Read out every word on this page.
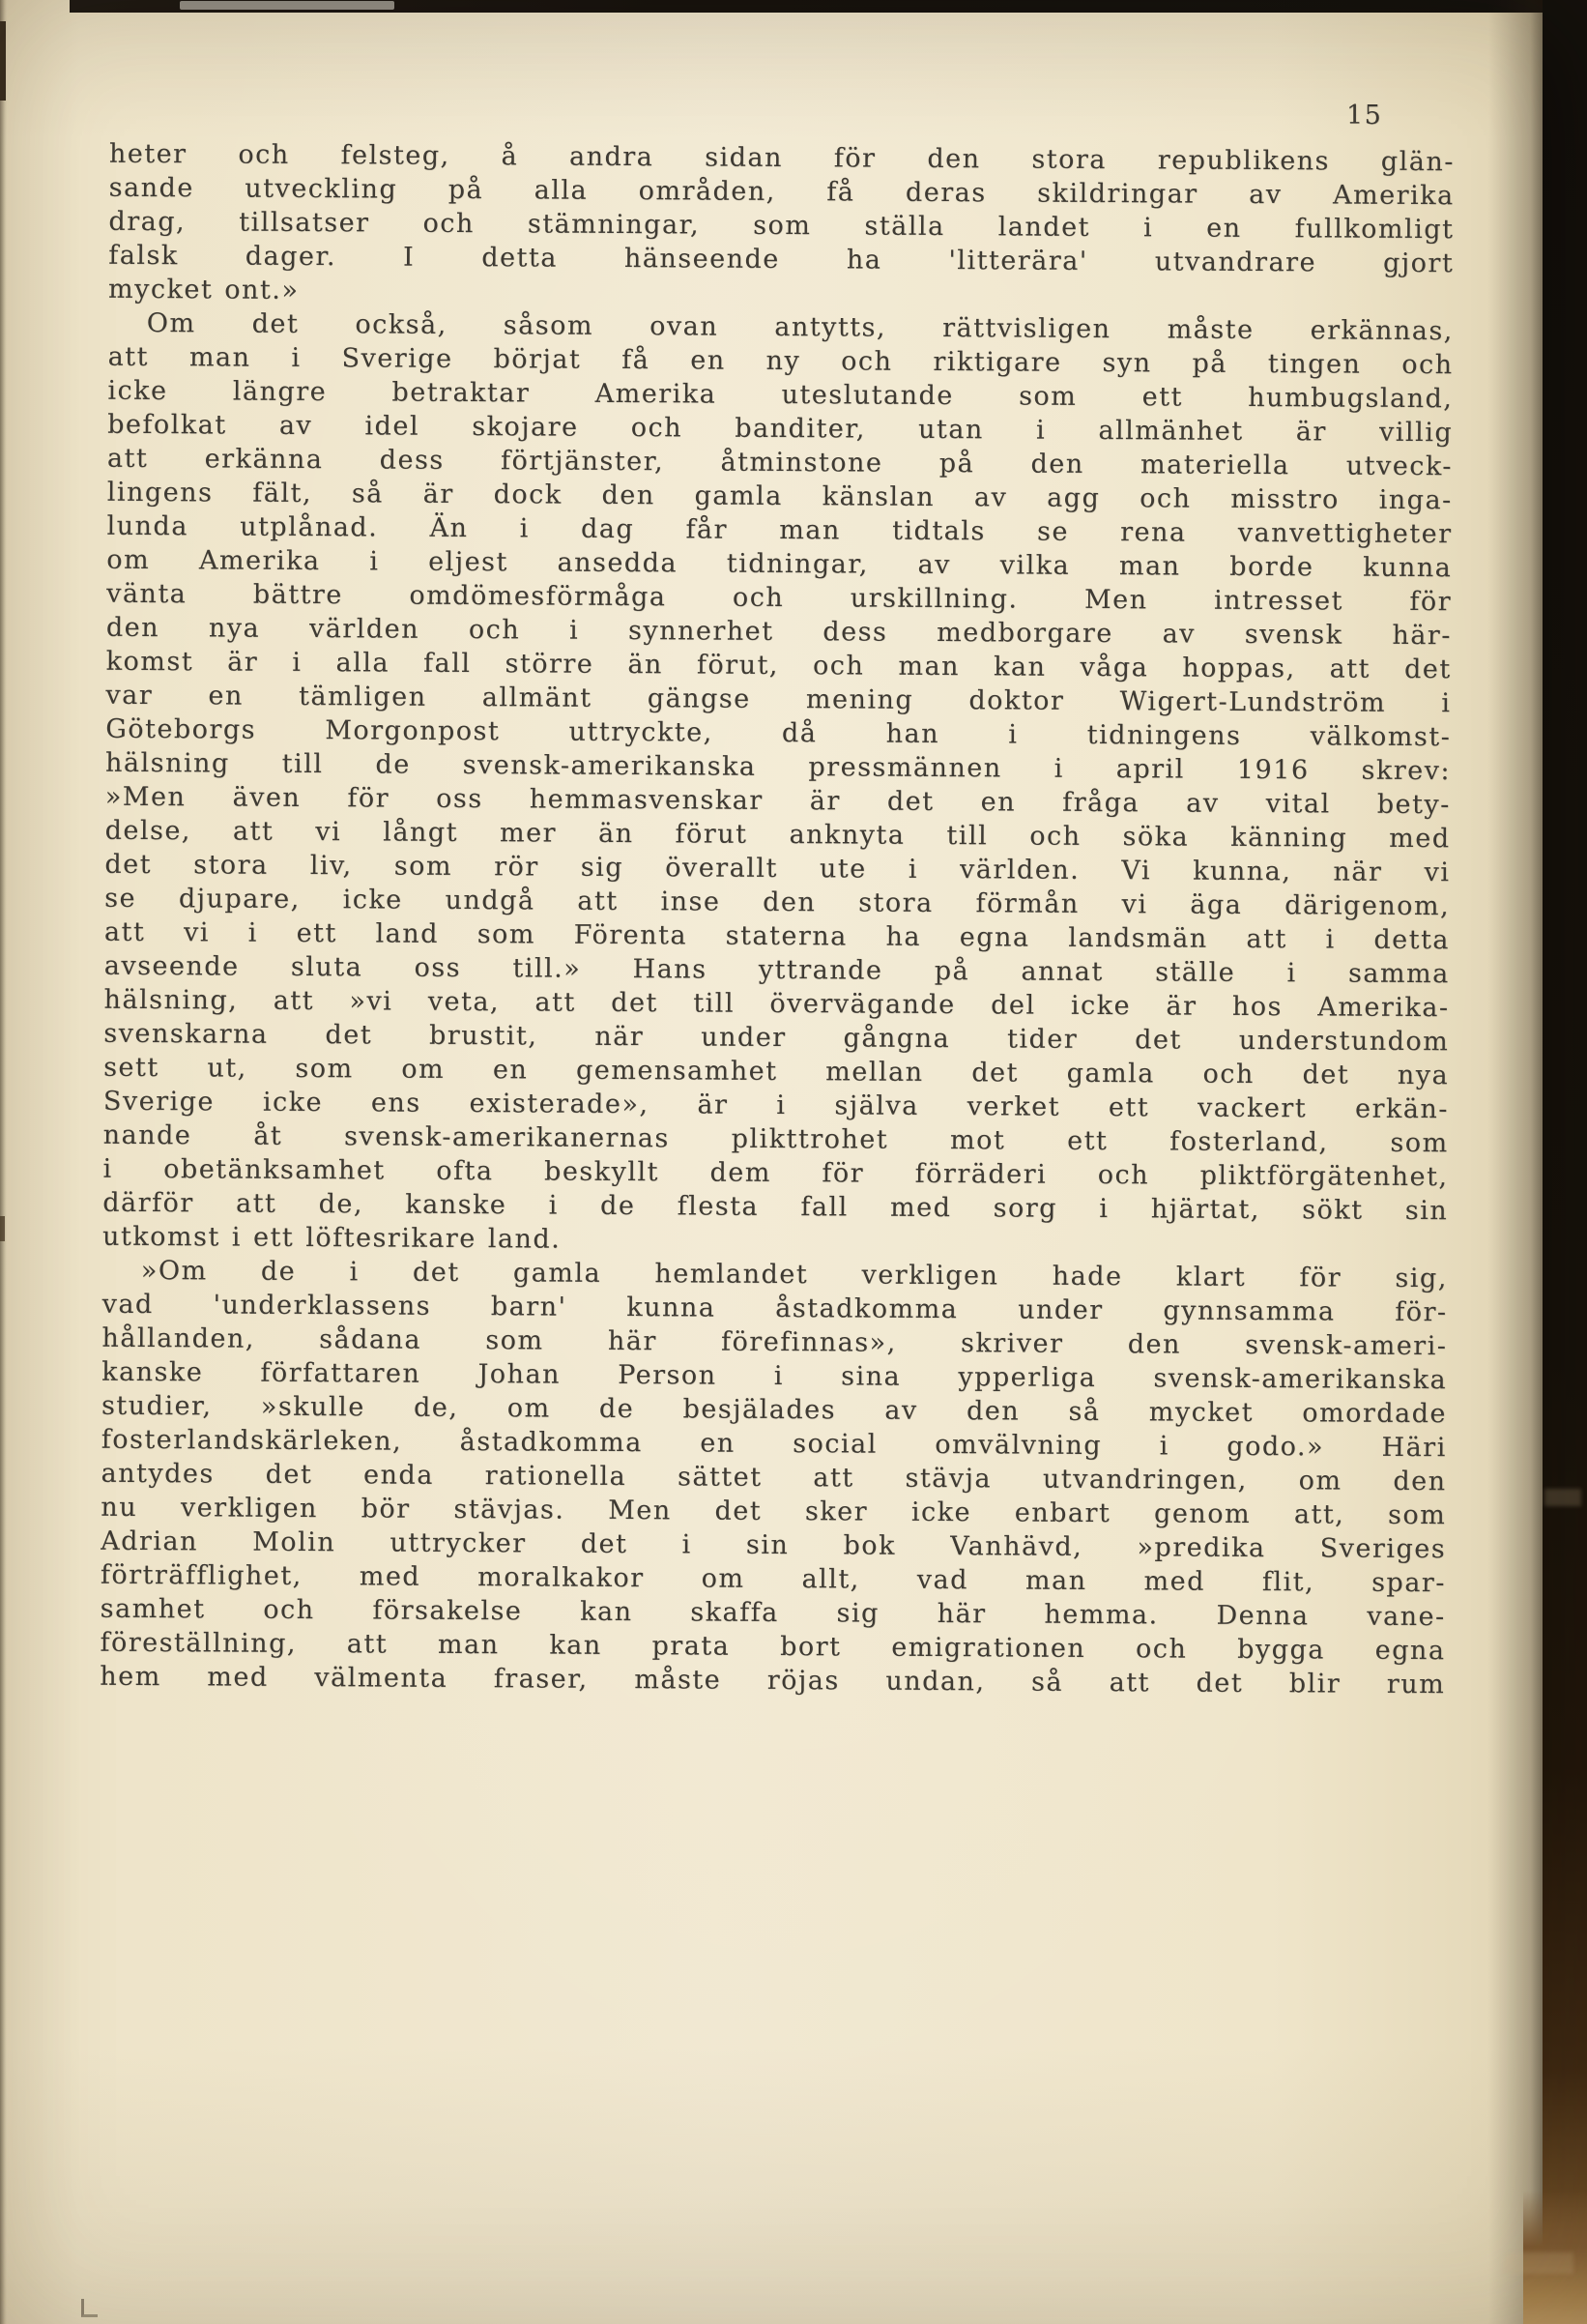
15
heter och felsteg, å andra sidan för den stora republikens glän-
sande utveckling på alla områden, få deras skildringar av Amerika
drag, tillsatser och stämningar, som ställa landet i en fullkomligt
falsk dager. I detta hänseende ha 'litterära' utvandrare gjort
mycket ont.»
Om det också, såsom ovan antytts, rättvisligen måste erkännas,
att man i Sverige börjat få en ny och riktigare syn på tingen och
icke längre betraktar Amerika uteslutande som ett humbugsland,
befolkat av idel skojare och banditer, utan i allmänhet är villig
att erkänna dess förtjänster, åtminstone på den materiella utveck-
lingens fält, så är dock den gamla känslan av agg och misstro inga-
lunda utplånad. Än i dag får man tidtals se rena vanvettigheter
om Amerika i eljest ansedda tidningar, av vilka man borde kunna
vänta bättre omdömesförmåga och urskillning. Men intresset för
den nya världen och i synnerhet dess medborgare av svensk här-
komst är i alla fall större än förut, och man kan våga hoppas, att det
var en tämligen allmänt gängse mening doktor Wigert-Lundström i
Göteborgs Morgonpost uttryckte, då han i tidningens välkomst-
hälsning till de svensk-amerikanska pressmännen i april 1916 skrev:
»Men även för oss hemmasvenskar är det en fråga av vital bety-
delse, att vi långt mer än förut anknyta till och söka känning med
det stora liv, som rör sig överallt ute i världen. Vi kunna, när vi
se djupare, icke undgå att inse den stora förmån vi äga därigenom,
att vi i ett land som Förenta staterna ha egna landsmän att i detta
avseende sluta oss till.» Hans yttrande på annat ställe i samma
hälsning, att »vi veta, att det till övervägande del icke är hos Amerika-
svenskarna det brustit, när under gångna tider det understundom
sett ut, som om en gemensamhet mellan det gamla och det nya
Sverige icke ens existerade», är i själva verket ett vackert erkän-
nande åt svensk-amerikanernas plikttrohet mot ett fosterland, som
i obetänksamhet ofta beskyllt dem för förräderi och pliktförgätenhet,
därför att de, kanske i de flesta fall med sorg i hjärtat, sökt sin
utkomst i ett löftesrikare land.
»Om de i det gamla hemlandet verkligen hade klart för sig,
vad 'underklassens barn' kunna åstadkomma under gynnsamma för-
hållanden, sådana som här förefinnas», skriver den svensk-ameri-
kanske författaren Johan Person i sina ypperliga svensk-amerikanska
studier, »skulle de, om de besjälades av den så mycket omordade
fosterlandskärleken, åstadkomma en social omvälvning i godo.» Häri
antydes det enda rationella sättet att stävja utvandringen, om den
nu verkligen bör stävjas. Men det sker icke enbart genom att, som
Adrian Molin uttrycker det i sin bok Vanhävd, »predika Sveriges
förträfflighet, med moralkakor om allt, vad man med flit, spar-
samhet och försakelse kan skaffa sig här hemma. Denna vane-
föreställning, att man kan prata bort emigrationen och bygga egna
hem med välmenta fraser, måste röjas undan, så att det blir rum
